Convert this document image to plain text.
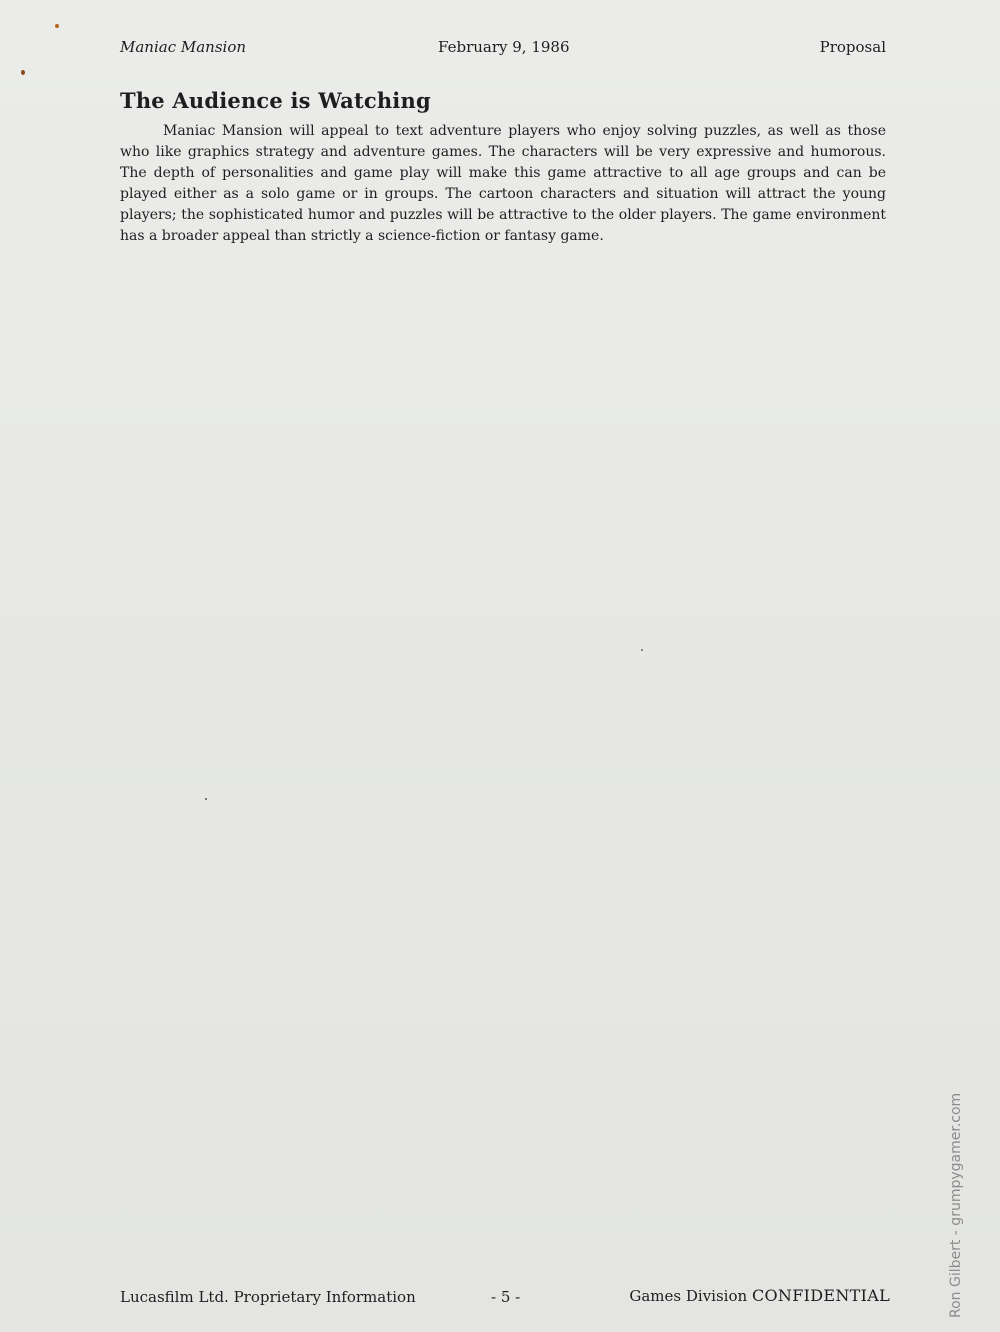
Maniac Mansion	February 9, 1986	Proposal
The Audience is Watching

Maniac Mansion will appeal to text adventure players who enjoy solving puzzles, as well as those who like graphics strategy and adventure games. The characters will be very expressive and humorous. The depth of personalities and game play will make this game attractive to all age groups and can be played either as a solo game or in groups. The cartoon characters and situation will attract the young players; the sophisticated humor and puzzles will be attractive to the older players. The game environment has a broader appeal than strictly a science-fiction or fantasy game.

Lucasfilm Ltd. Proprietary Information	- 5 -	Games Division CONFIDENTIAL	Ron Gilbert - grumpygamer.com
